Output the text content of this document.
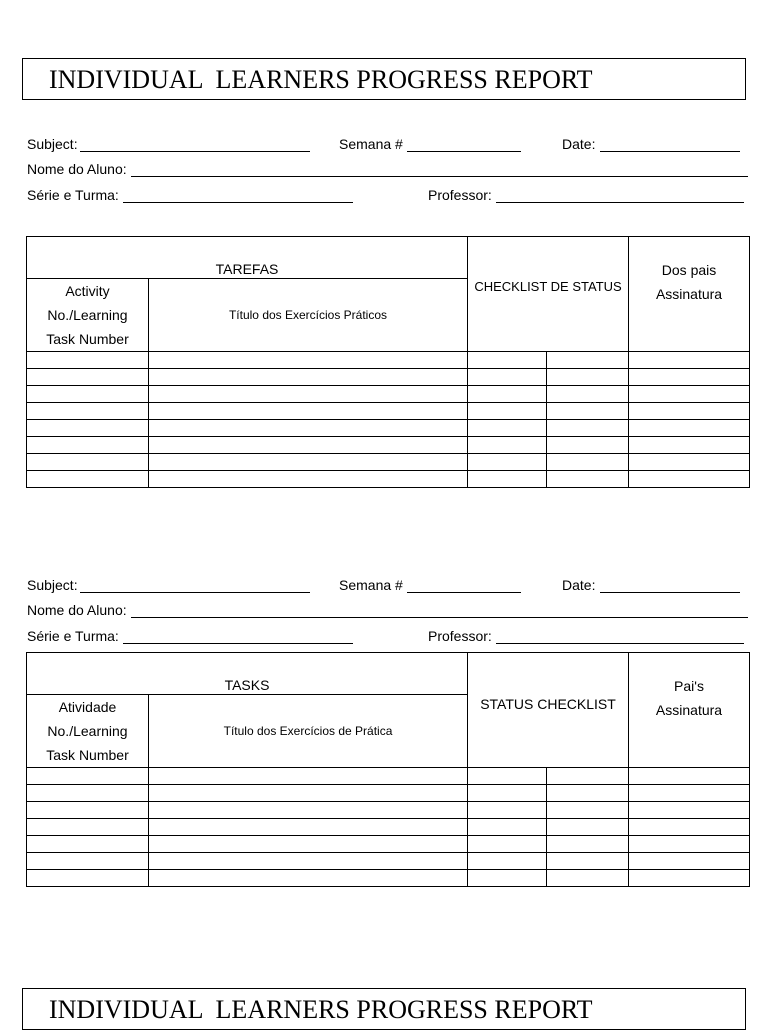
INDIVIDUAL  LEARNERS PROGRESS REPORT
Subject:	Semana #	Date:
Nome do Aluno:
Série e Turma:	Professor:
TAREFAS		CHECKLIST DE STATUS		Dos pais
Assinatura

Activity
No./Learning
Task Number	Título dos Exercícios Práticos			

Subject:	Semana #	Date:
Nome do Aluno:
Série e Turma:	Professor:
TASKS		STATUS CHECKLIST		Pai's
Assinatura

Atividade
No./Learning
Task Number	Título dos Exercícios de Prática			

INDIVIDUAL  LEARNERS PROGRESS REPORT
